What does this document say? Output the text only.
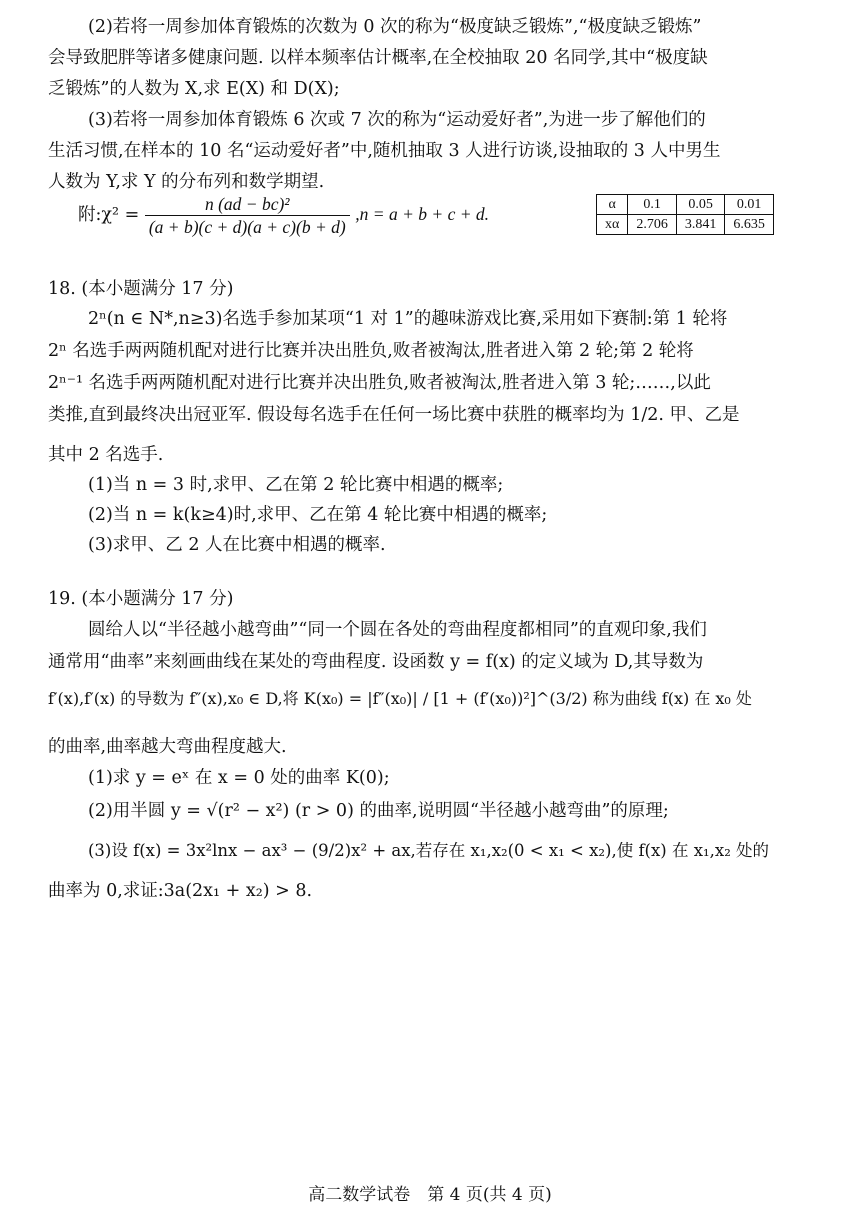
(2)若将一周参加体育锻炼的次数为 0 次的称为“极度缺乏锻炼”,“极度缺乏锻炼”
会导致肥胖等诸多健康问题. 以样本频率估计概率,在全校抽取 20 名同学,其中“极度缺
乏锻炼”的人数为 X,求 E(X) 和 D(X);
(3)若将一周参加体育锻炼 6 次或 7 次的称为“运动爱好者”,为进一步了解他们的
生活习惯,在样本的 10 名“运动爱好者”中,随机抽取 3 人进行访谈,设抽取的 3 人中男生
人数为 Y,求 Y 的分布列和数学期望.
附:χ² = $\frac{\text{n (ad − bc)²}}{(a + b)(c + d)(a + c)(b + d)} ,n = a + b + c + d$.	α	0.1	0.05	0.01
xα	2.706	3.841	6.635
18. (本小题满分 17 分)
2ⁿ(n ∈ N*,n≥3)名选手参加某项“1 对 1”的趣味游戏比赛,采用如下赛制:第 1 轮将
2ⁿ 名选手两两随机配对进行比赛并决出胜负,败者被淘汰,胜者进入第 2 轮;第 2 轮将
2ⁿ⁻¹ 名选手两两随机配对进行比赛并决出胜负,败者被淘汰,胜者进入第 3 轮;……,以此
类推,直到最终决出冠亚军. 假设每名选手在任何一场比赛中获胜的概率均为 1/2. 甲、乙是
其中 2 名选手.
(1)当 n = 3 时,求甲、乙在第 2 轮比赛中相遇的概率;
(2)当 n = k(k≥4)时,求甲、乙在第 4 轮比赛中相遇的概率;
(3)求甲、乙 2 人在比赛中相遇的概率.
19. (本小题满分 17 分)
圆给人以“半径越小越弯曲”“同一个圆在各处的弯曲程度都相同”的直观印象,我们
通常用“曲率”来刻画曲线在某处的弯曲程度. 设函数 y = f(x) 的定义域为 D,其导数为
f′(x),f′(x) 的导数为 f″(x),x₀ ∈ D,将 K(x₀) = |f″(x₀)| / [1 + (f′(x₀))²]^(3/2) 称为曲线 f(x) 在 x₀ 处
的曲率,曲率越大弯曲程度越大.
(1)求 y = eˣ 在 x = 0 处的曲率 K(0);
(2)用半圆 y = √(r² − x²) (r > 0) 的曲率,说明圆“半径越小越弯曲”的原理;
(3)设 f(x) = 3x²lnx − ax³ − (9/2)x² + ax,若存在 x₁,x₂(0 < x₁ < x₂),使 f(x) 在 x₁,x₂ 处的
曲率为 0,求证:3a(2x₁ + x₂) > 8.
高二数学试卷　第 4 页(共 4 页)
